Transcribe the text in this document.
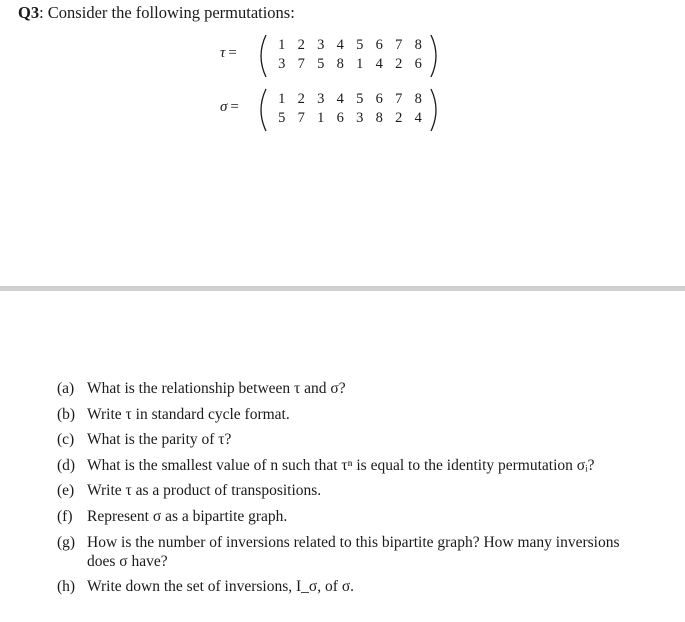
Q3: Consider the following permutations:
τ =	1 2 3 4 5 6 7 8
3 7 5 8 1 4 2 6
σ =	1 2 3 4 5 6 7 8
5 7 1 6 3 8 2 4
(a) What is the relationship between τ and σ?
(b) Write τ in standard cycle format.
(c) What is the parity of τ?
(d) What is the smallest value of n such that τⁿ is equal to the identity permutation σᵢ?
(e) Write τ as a product of transpositions.
(f) Represent σ as a bipartite graph.
(g) How is the number of inversions related to this bipartite graph? How many inversions does σ have?
(h) Write down the set of inversions, I_σ, of σ.
